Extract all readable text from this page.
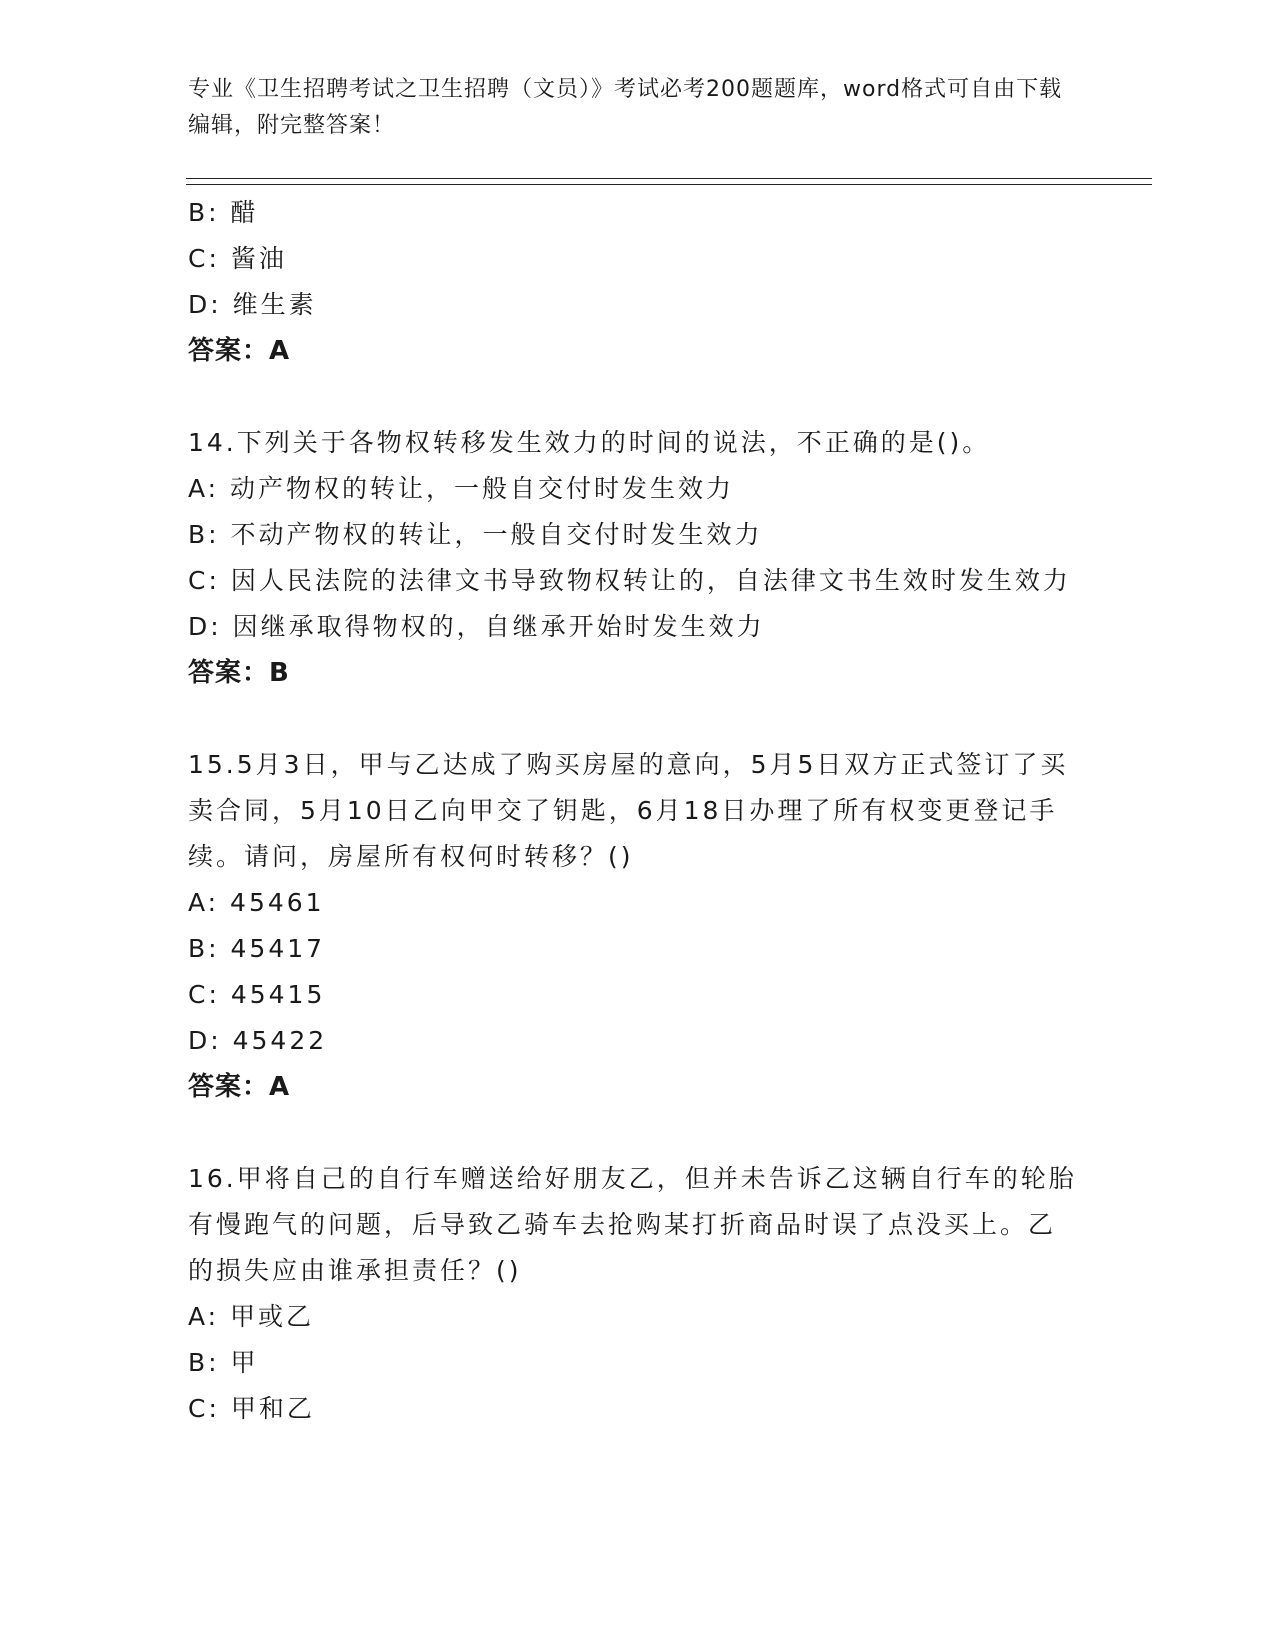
专业《卫生招聘考试之卫生招聘（文员）》考试必考200题题库，word格式可自由下载编辑，附完整答案！
B: 醋
C: 酱油
D: 维生素
答案：A
14.下列关于各物权转移发生效力的时间的说法，不正确的是()。
A: 动产物权的转让，一般自交付时发生效力
B: 不动产物权的转让，一般自交付时发生效力
C: 因人民法院的法律文书导致物权转让的，自法律文书生效时发生效力
D: 因继承取得物权的，自继承开始时发生效力
答案：B
15.5月3日，甲与乙达成了购买房屋的意向，5月5日双方正式签订了买卖合同，5月10日乙向甲交了钥匙，6月18日办理了所有权变更登记手续。请问，房屋所有权何时转移？()
A: 45461
B: 45417
C: 45415
D: 45422
答案：A
16.甲将自己的自行车赠送给好朋友乙，但并未告诉乙这辆自行车的轮胎有慢跑气的问题，后导致乙骑车去抢购某打折商品时误了点没买上。乙的损失应由谁承担责任？()
A: 甲或乙
B: 甲
C: 甲和乙
